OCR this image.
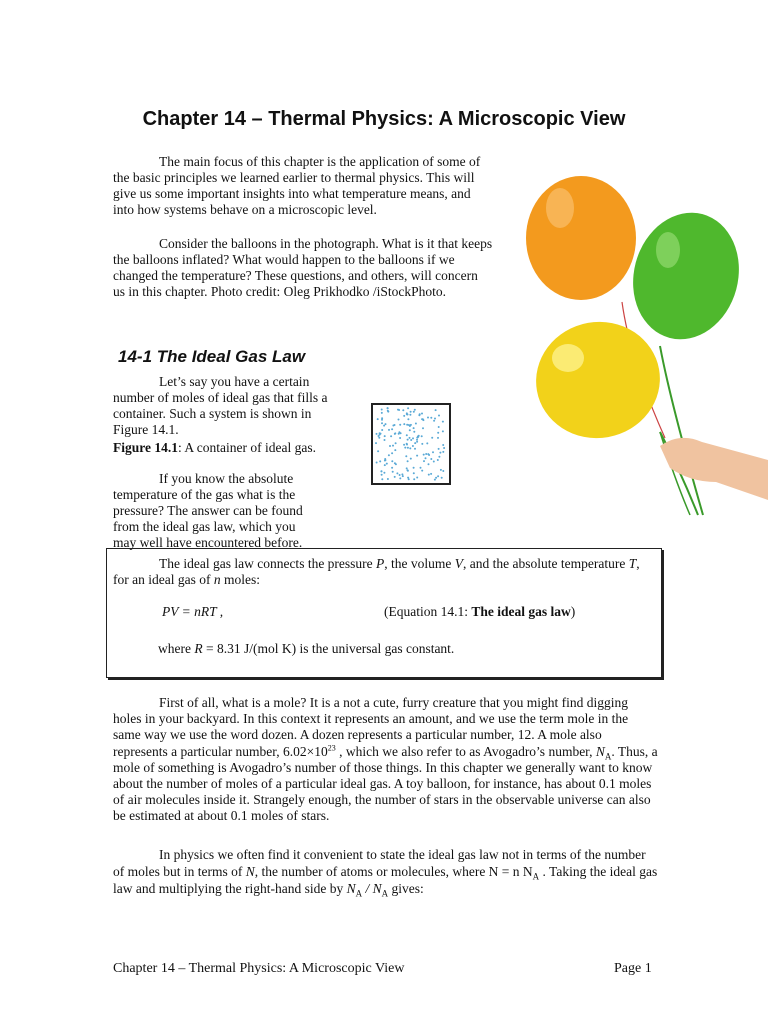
Chapter 14 – Thermal Physics: A Microscopic View
The main focus of this chapter is the application of some of the basic principles we learned earlier to thermal physics. This will give us some important insights into what temperature means, and into how systems behave on a microscopic level.
Consider the balloons in the photograph. What is it that keeps the balloons inflated? What would happen to the balloons if we changed the temperature? These questions, and others, will concern us in this chapter. Photo credit: Oleg Prikhodko /iStockPhoto.
14-1 The Ideal Gas Law
Let’s say you have a certain number of moles of ideal gas that fills a container. Such a system is shown in Figure 14.1.
Figure 14.1: A container of ideal gas.
If you know the absolute temperature of the gas what is the pressure? The answer can be found from the ideal gas law, which you may well have encountered before.
The ideal gas law connects the pressure P, the volume V, and the absolute temperature T, for an ideal gas of n moles:
PV = nRT ,	(Equation 14.1: The ideal gas law)
where R = 8.31 J/(mol K) is the universal gas constant.
First of all, what is a mole? It is a not a cute, furry creature that you might find digging holes in your backyard. In this context it represents an amount, and we use the term mole in the same way we use the word dozen. A dozen represents a particular number, 12. A mole also represents a particular number, $6.02\times 10^{23}$ , which we also refer to as Avogadro’s number, $N_A$. Thus, a mole of something is Avogadro’s number of those things. In this chapter we generally want to know about the number of moles of a particular ideal gas. A toy balloon, for instance, has about 0.1 moles of air molecules inside it. Strangely enough, the number of stars in the observable universe can also be estimated at about 0.1 moles of stars.
In physics we often find it convenient to state the ideal gas law not in terms of the number of moles but in terms of N, the number of atoms or molecules, where N = n $N_A$ . Taking the ideal gas law and multiplying the right-hand side by $N_A / N_A$ gives:
Chapter 14 – Thermal Physics: A Microscopic View	Page 1
